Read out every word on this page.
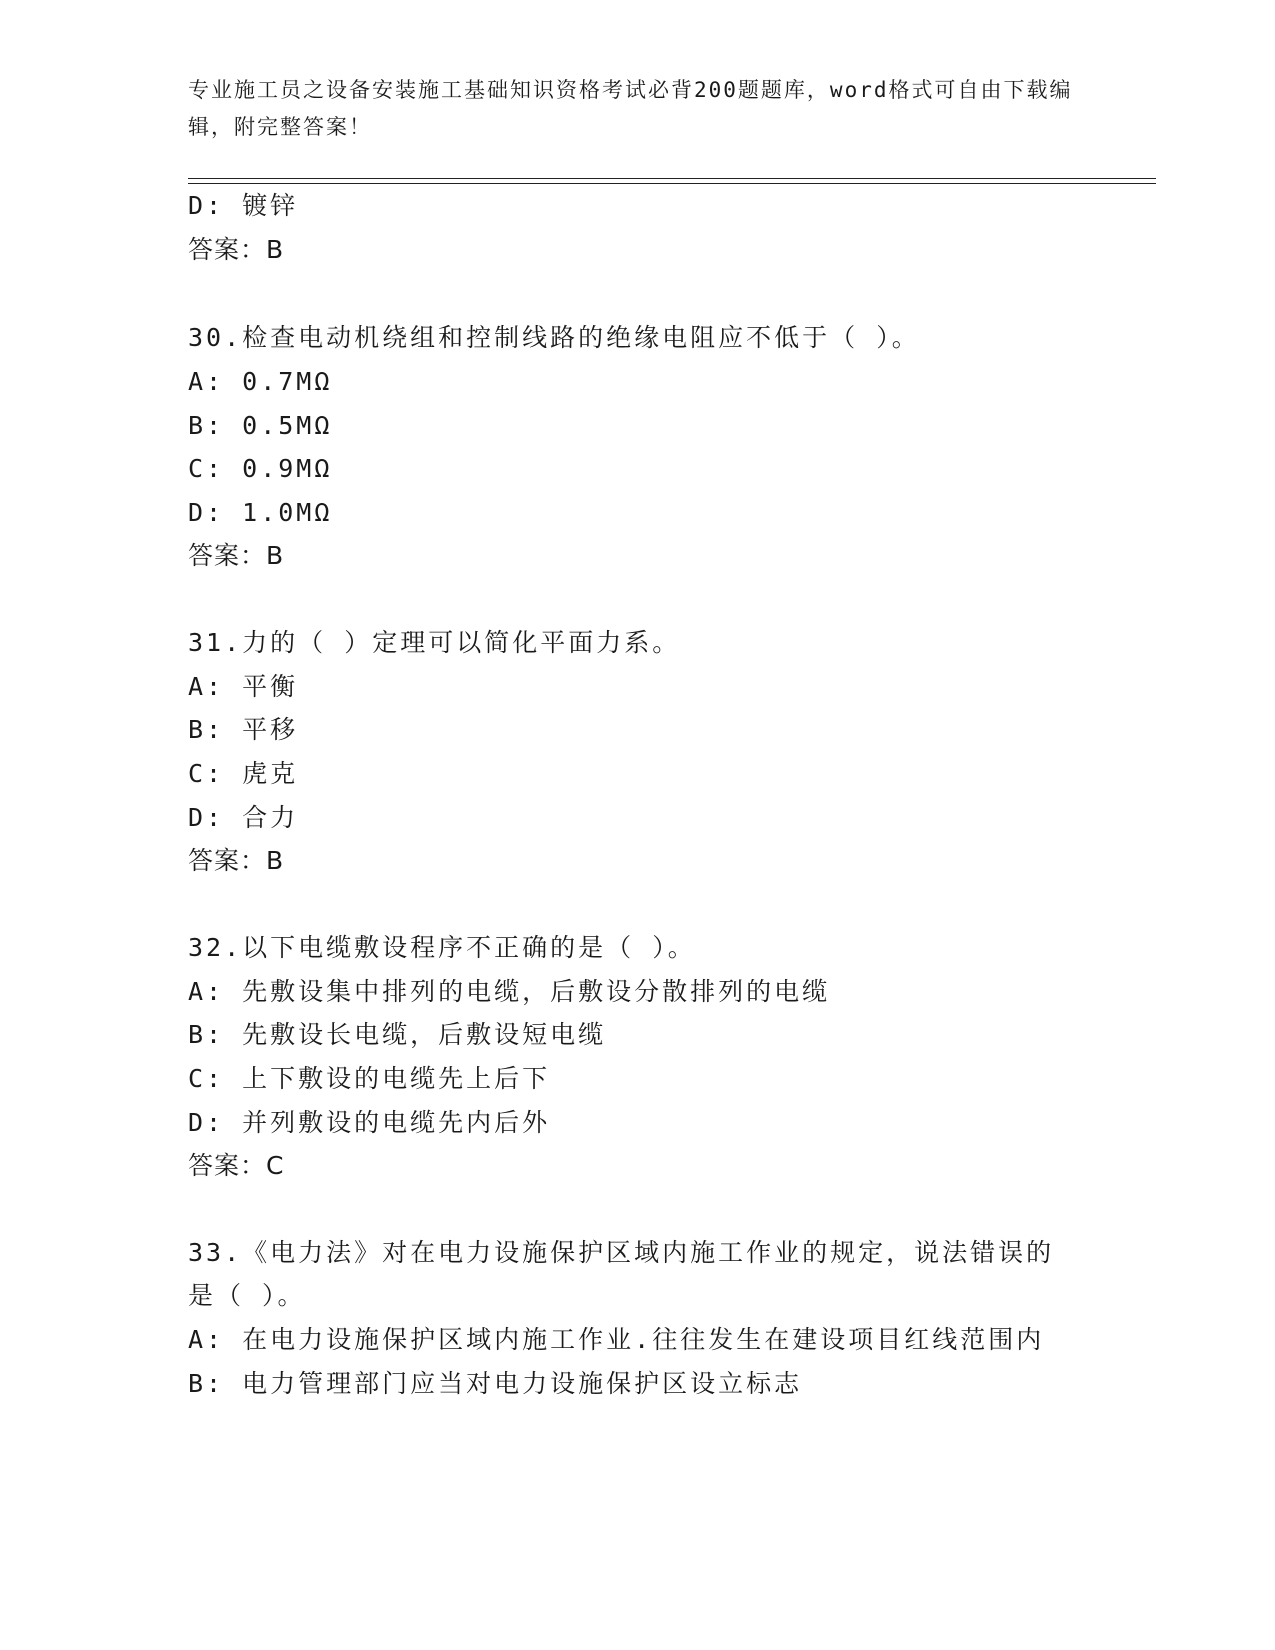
专业施工员之设备安装施工基础知识资格考试必背200题题库，word格式可自由下载编辑，附完整答案！
D: 镀锌
答案：B
30.检查电动机绕组和控制线路的绝缘电阻应不低于（ ）。
A: 0.7MΩ
B: 0.5MΩ
C: 0.9MΩ
D: 1.0MΩ
答案：B
31.力的（ ）定理可以简化平面力系。
A: 平衡
B: 平移
C: 虎克
D: 合力
答案：B
32.以下电缆敷设程序不正确的是（ ）。
A: 先敷设集中排列的电缆，后敷设分散排列的电缆
B: 先敷设长电缆，后敷设短电缆
C: 上下敷设的电缆先上后下
D: 并列敷设的电缆先内后外
答案：C
33.《电力法》对在电力设施保护区域内施工作业的规定，说法错误的
是（ ）。
A: 在电力设施保护区域内施工作业.往往发生在建设项目红线范围内
B: 电力管理部门应当对电力设施保护区设立标志
